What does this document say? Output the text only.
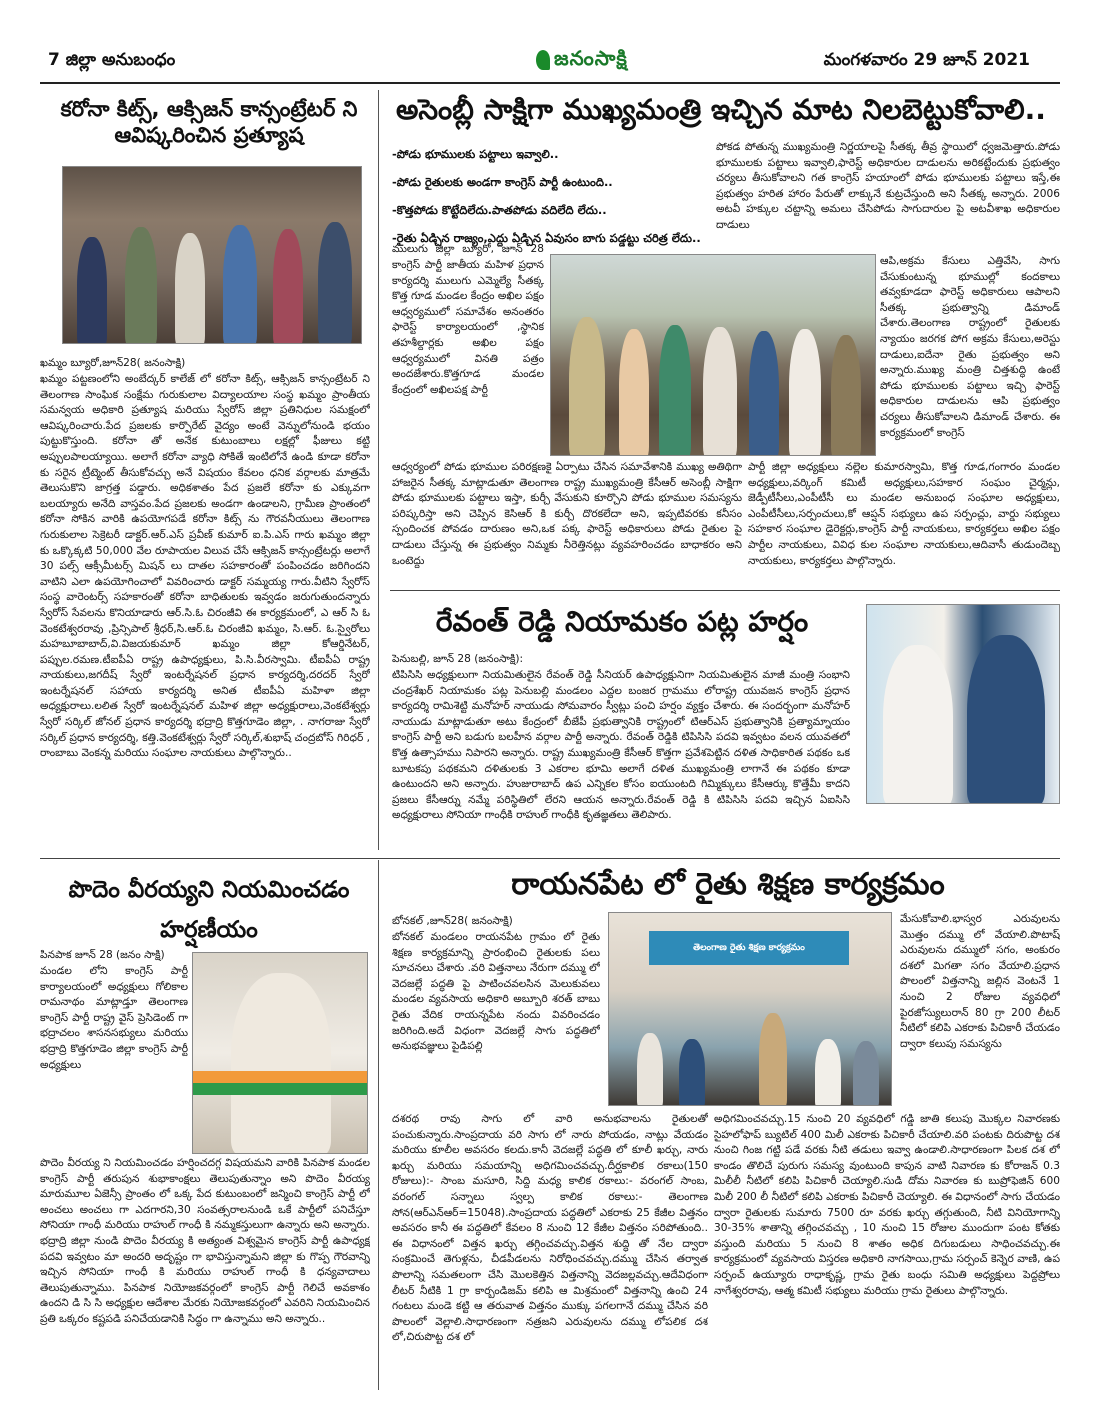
7 జిల్లా అనుబంధం	జనంసాక్షి	మంగళవారం 29 జూన్ 2021
కరోనా కిట్స్, ఆక్సిజన్ కాన్సంట్రేటర్ ని ఆవిష్కరించిన ప్రత్యూష
ఖమ్మం బ్యూరో,జూన్28( జనంసాక్షి)
ఖమ్మం పట్టణంలోని అంబేద్కర్ కాలేజ్ లో కరోనా కిట్స్, ఆక్సిజన్ కాన్సంట్రేటర్ ని తెలంగాణ సాంఘిక సంక్షేమ గురుకులాల విద్యాలయాల సంస్థ ఖమ్మం ప్రాంతీయ సమన్వయ అధికారి ప్రత్యూష మరియు స్వేరోస్ జిల్లా ప్రతినిధుల సమక్షంలో ఆవిష్కరించారు.పేద ప్రజలకు కార్పొరేట్ వైద్యం అంటే వెన్నులోనుండి భయం పుట్టుకొస్తుంది. కరోనా తో అనేక కుటుంబాలు లక్షల్లో ఫీజులు కట్టి అప్పులపాలయ్యాయి. అలాగే కరోనా వ్యాధి సోకితే ఇంటిలోనే ఉండి కూడా కరోనా కు సరైన ట్రీట్మెంట్ తీసుకోవచ్చు అనే విషయం కేవలం ధనిక వర్గాలకు మాత్రమే తెలుసుకొని జాగ్రత్త పడ్డారు. అధికశాతం పేద ప్రజలే కరోనా కు ఎక్కువగా బలయ్యారు అనేది వాస్తవం.పేద ప్రజలకు అండగా ఉండాలని, గ్రామీణ ప్రాంతంలో కరోనా సోకిన వారికి ఉపయోగపడే కరోనా కిట్స్ ను గౌరవనీయులు తెలంగాణ గురుకులాల సెక్రెటరీ డాక్టర్.ఆర్.ఎస్ ప్రవీణ్ కుమార్ ఐ.పి.ఎస్ గారు ఖమ్మం జిల్లా కు ఒక్కొక్కటి 50,000 వేల రూపాయల విలువ చేసే ఆక్సిజన్ కాన్సంట్రేటర్లు అలాగే 30 పల్స్ ఆక్సీమీటర్స్ మిషన్ లు దాతల సహకారంతో పంపించడం జరిగిందని వాటిని ఎలా ఉపయోగించాలో వివరించారు డాక్టర్ సమ్మయ్య గారు.వీటిని స్వేరోస్ సంస్థ వారెంటర్స్ సహకారంతో కరోనా బాధితులకు ఇవ్వడం జరుగుతుందన్నారు స్వేరోస్ సేవలను కొనియాడారు ఆర్.సి.ఓ చిరంజీవి ఈ కార్యక్రమంలో, ఎ ఆర్ సి ఓ వెంకటేశ్వరరావు ,ప్రిన్సిపాల్ శ్రీధర్,సి.ఆర్.ఓ చిరంజీవి ఖమ్మం, సి.ఆర్. ఓ.స్వైరోలు మహబూబాబాద్,వి.విజయకుమార్ ఖమ్మం జిల్లా కోఆర్డినేటర్, పప్పుల.రమణ.టీఐపీఏ రాష్ట్ర ఉపాధ్యక్షులు, పి.సి.వీరస్వామి. టీఐపీఏ రాష్ట్ర నాయకులు,జగదీష్ స్వేరో ఇంటర్నేషనల్ ప్రధాన కార్యదర్శి,దరదర్ స్వేరో ఇంటర్నేషనల్ సహాయ కార్యదర్శి అనిత టీఐపీఏ మహిళా జిల్లా అధ్యక్షురాలు.లలిత స్వేరో ఇంటర్నేషనల్ మహిళ జిల్లా అధ్యక్షురాలు,వెంకటేశ్వర్లు స్వేరో సర్కిల్ జోనల్ ప్రధాన కార్యదర్శి భద్రాద్రి కొత్తగూడెం జిల్లా, . నాగరాజు స్వేరో సర్కిల్ ప్రధాన కార్యదర్శి, కత్తి.వెంకటేశ్వర్లు స్వేరో సర్కిల్,శుభాష్ చంద్రబోస్ గిరిధర్ , రాంబాబు వెంకన్న మరియు సంఘాల నాయకులు పాల్గొన్నారు..
అసెంబ్లీ సాక్షిగా ముఖ్యమంత్రి ఇచ్చిన మాట నిలబెట్టుకోవాలి..
-పోడు భూములకు పట్టాలు ఇవ్వాలి..
-పోడు రైతులకు అండగా కాంగ్రెస్ పార్టీ ఉంటుంది..
-కొత్తపోడు కొట్టేదిలేదు.పాతపోడు వదిలేది లేదు..
-రైతు ఏడ్చిన రాజ్యం,ఎద్దు ఏడ్చిన ఏవుసం బాగు పడ్డట్టు చరిత్ర లేదు..
ములుగు జిల్లా బ్యూరో, జూన్ 28
కాంగ్రెస్ పార్టీ జాతీయ మహిళ ప్రధాన కార్యదర్శి ములుగు ఎమ్మెల్యే సీతక్క కొత్త గూడ మండల కేంద్రం అఖిల పక్షం ఆధ్వర్యములో సమావేశం అనంతరం ఫారెస్ట్ కార్యాలయంలో ,స్థానిక తహశీల్దార్లకు అఖిల పక్షం ఆధ్వర్యములో వినతి పత్రం అందజేశారు.కొత్తగూడ మండల కేంద్రంలో అఖిలపక్ష పార్టీ
ఆధ్వర్యంలో పోడు భూముల పరిరక్షణకై ఏర్పాటు చేసిన సమావేశానికి ముఖ్య అతిథిగా హాజరైన సీతక్క మాట్లాడుతూ తెలంగాణ రాష్ట్ర ముఖ్యమంత్రి కేసీఆర్ అసెంబ్లీ సాక్షిగా పోడు భూములకు పట్టాలు ఇస్తా, కుర్చీ వేసుకుని కూర్చొని పోడు భూముల సమస్యను పరిష్కరిస్తా అని చెప్పిన కెసిఆర్ కి కుర్చీ దొరకలేదా అని, ఇప్పటివరకు కనీసం స్పందించక పోవడం దారుణం అని,ఒక పక్క ఫారెస్ట్ అధికారులు పోడు రైతుల పై దాడులు చేస్తున్న ఈ ప్రభుత్వం నిమ్మకు నీరెత్తినట్లు వ్యవహరించడం బాధాకరం అని ఒంటెద్దు
పోకడ పోతున్న ముఖ్యమంత్రి నిర్ణయాలపై సీతక్క తీవ్ర స్థాయిలో ధ్వజమెత్తారు.పోడు భూములకు పట్టాలు ఇవ్వాలి,ఫారెస్ట్ అధికారుల దాడులను అరికట్టేందుకు ప్రభుత్వం చర్యలు తీసుకోవాలని గత కాంగ్రెస్ హయాంలో పోడు భూములకు పట్టాలు ఇస్తే,ఈ ప్రభుత్వం హరిత హారం పేరుతో లాక్కునే కుట్రచేస్తుంది అని సీతక్క అన్నారు. 2006 అటవీ హక్కుల చట్టాన్ని అమలు చేసిపోడు సాగుదారుల పై అటవీశాఖ అధికారుల దాడులు
ఆపి,అక్రమ కేసులు ఎత్తివేసి, సాగు చేసుకుంటున్న భూముల్లో కందకాలు తవ్వకూడదా ఫారెస్ట్ అధికారులు ఆపాలని సీతక్క ప్రభుత్వాన్ని డిమాండ్ చేశారు.తెలంగాణ రాష్ట్రంలో రైతులకు న్యాయం జరగక పోగ అక్రమ కేసులు,అరెస్టు దాడులు,ఐదేనా రైతు ప్రభుత్వం అని అన్నారు.ముఖ్య మంత్రి చిత్తశుద్ధి ఉంటే పోడు భూములకు పట్టాలు ఇచ్చి ఫారెస్ట్ అధికారుల దాడులను ఆపి ప్రభుత్వం చర్యలు తీసుకోవాలని డిమాండ్ చేశారు. ఈ కార్యక్రమంలో కాంగ్రెస్
పార్టీ జిల్లా అధ్యక్షులు నల్లెల కుమారస్వామి, కొత్త గూడ,గంగారం మండల అధ్యక్షులు,వర్కింగ్ కమిటీ అధ్యక్షులు,సహకార సంఘం చైర్మన్లు, జెడ్పీటీసీలు,ఎంపీటీసీ లు మండల అనుబంధ సంఘాల అధ్యక్షులు, ఎంపీటీసీలు,సర్పంచులు,కో ఆప్షన్ సభ్యులు ఉప సర్పంచ్లు, వార్డు సభ్యులు సహకార సంఘాల డైరెక్టర్లు,కాంగ్రెస్ పార్టీ నాయకులు, కార్యకర్తలు అఖిల పక్షం పార్టీల నాయకులు, వివిధ కుల సంఘాల నాయకులు,ఆదివాసీ తుడుందెబ్బ నాయకులు, కార్యకర్తలు పాల్గొన్నారు.
రేవంత్ రెడ్డి నియామకం పట్ల హర్షం
పెనుబల్లి, జూన్ 28 (జనంసాక్షి):
టిపిసిసి అధ్యక్షులుగా నియమితులైన రేవంత్ రెడ్డి సీనియర్ ఉపాధ్యక్షునిగా నియమితులైన మాజీ మంత్రి సంభాని చంద్రశేఖర్ నియామకం పట్ల పెనుబల్లి మండలం ఎద్దల బంజర గ్రామము లోరాష్ట్ర యువజన కాంగ్రెస్ ప్రధాన కార్యదర్శి రామిశెట్టి మనోహర్ నాయుడు సోమవారం స్వీట్లు పంచి హర్షం వ్యక్తం చేశారు. ఈ సందర్భంగా మనోహర్ నాయుడు మాట్లాడుతూ అటు కేంద్రంలో బీజేపీ ప్రభుత్వానికి రాష్ట్రంలో టిఆర్ఎస్ ప్రభుత్వానికి ప్రత్యామ్నాయం కాంగ్రెస్ పార్టీ అని బడుగు బలహీన వర్గాల పార్టీ అన్నారు. రేవంత్ రెడ్డికి టిపిసిసి పదవి ఇవ్వటం వలన యువతలో కొత్త ఉత్సాహము నిపారని అన్నారు. రాష్ట్ర ముఖ్యమంత్రి కేసీఆర్ కొత్తగా ప్రవేశపెట్టిన దళిత సాధికారిత పథకం ఒక బూటకపు పథకమని దళితులకు 3 ఎకరాల భూమి అలాగే దళిత ముఖ్యమంత్రి లాగానే ఈ పథకం కూడా ఉంటుందని అని అన్నారు. హుజురాబాద్ ఉప ఎన్నికల కోసం ఐయుంటది గిమ్మిక్కులు కేసీఆర్కు కొత్తేమీ కాదని ప్రజలు కేసీఆర్ను నమ్మే పరిస్థితిలో లేరని ఆయన అన్నారు.రేవంత్ రెడ్డి కి టిపిసిసి పదవి ఇచ్చిన ఏఐసిసి అధ్యక్షురాలు సోనియా గాంధీకి రాహుల్ గాంధీకి కృతజ్ఞతలు తెలిపారు.
పొదెం వీరయ్యని నియమించడం హర్షణీయం
పినపాక జూన్ 28 (జనం సాక్షి)
మండల లోని కాంగ్రెస్ పార్టీ కార్యాలయంలో అధ్యక్షులు గోలికాల రామనాథం మాట్లాడ్తూ తెలంగాణ కాంగ్రెస్ పార్టీ రాష్ట్ర వైస్ ప్రెసిడెంట్ గా భద్రాచలం శాసనసభ్యులు మరియు భద్రాద్రి కొత్తగూడెం జిల్లా కాంగ్రెస్ పార్టీ అధ్యక్షులు
పొదెం వీరయ్య ని నియమించడం హర్షించదగ్గ విషయమని వారికి పినపాక మండల కాంగ్రెస్ పార్టీ తరుపున శుభాకాంక్షలు తెలుపుతున్నాం అని పొదెం వీరయ్య మారుమూల ఏజెన్సీ ప్రాంతం లో ఒక్క పేద కుటుంబంలో జన్మించి కాంగ్రెస్ పార్టీ లో అంచలు అంచలు గా ఎదగారని,30 సంవత్సరాలనుండి ఒకే పార్టీలో పనిచేస్తూ సోనియా గాంధీ మరియు రాహుల్ గాంధీ కి నమ్మకస్తులుగా ఉన్నారు అని అన్నారు. భద్రాద్రి జిల్లా నుండి పొదెం వీరయ్య కి అత్యంత విశ్వమైన కాంగ్రెస్ పార్టీ ఉపాధ్యక్ష పదవి ఇవ్వటం మా అందరి అదృష్టం గా భావిస్తున్నామని జిల్లా కు గొప్ప గౌరవాన్ని ఇచ్చిన సోనియా గాంధీ కి మరియు రాహుల్ గాంధీ కి ధన్యవాదాలు తెలుపుతున్నాము. పినపాక నియోజకవర్గంలో కాంగ్రెస్ పార్టీ గెలిచే అవకాశం ఉందని డి సి సి అధ్యక్షుల ఆదేశాల మేరకు నియోజకవర్గంలో ఎవరిని నియమించిన ప్రతి ఒక్కరం కష్టపడి పనిచేయడానికి సిద్ధం గా ఉన్నాము అని అన్నారు..
రాయనపేట లో రైతు శిక్షణ కార్యక్రమం
బోనకల్ ,జూన్28( జనంసాక్షి)
బోనకల్ మండలం రాయనపేట గ్రామం లో రైతు శిక్షణ కార్యక్రమాన్ని ప్రారంభించి రైతులకు పలు సూచనలు చేశారు .వరి విత్తనాలు నేరుగా దమ్ము లో వెదజల్లే పద్ధతి పై పాటించవలసిన మెలుకువలు మండల వ్యవసాయ అధికారి అబ్బూరి శరత్ బాబు రైతు వేదిక రాయన్నపేట నందు వివరించడం జరిగింది.అదే విధంగా వెదజల్లే సాగు పద్ధతిలో అనుభవజ్ఞులు పైడిపల్లి
తెలంగాణ రైతు శిక్షణ కార్యక్రమం
మేసుకోవాలి.భాస్వర ఎరువులను మొత్తం దమ్ము లో వేయాలి.పొటాష్ ఎరువులను దమ్ములో సగం, అంకురం దశలో మిగతా సగం వేయాలి.ప్రధాన పొలంలో విత్తనాన్ని జల్లిన వెంటనే 1 నుంచి 2 రోజుల వ్యవధిలో పైరజోస్యులురాన్ 80 గ్రా 200 లీటర్ నీటిలో కలిపి ఎకరాకు పిచికారీ చేయడం ద్వారా కలుపు సమస్యను
దశరథ రావు సాగు లో వారి అనుభవాలను రైతులతో పంచుకున్నారు.సాంప్రదాయ వరి సాగు లో నారు పోయడం, నాట్లు వేయడం మరియు కూలీల అవసరం కలదు.కానీ వెదజల్లే పద్ధతి లో కూలీ ఖర్చు, నారు ఖర్చు మరియు సమయాన్ని అధిగమించవచ్చు.దీర్ఘకాలిక రకాలు(150 రోజులు):- సాంబ మసూరి, సిద్ది మధ్య కాలిక రకాలు:- వరంగల్ సాంబ, వరంగల్ సన్నాలు స్వల్ప కాలిక రకాలు:- తెలంగాణ సోన(ఆర్ఎన్ఆర్=15048).సాంప్రదాయ పద్ధతిలో ఎకరాకు 25 కేజీల విత్తనం అవసరం కానీ ఈ పద్ధతిలో కేవలం 8 నుంచి 12 కేజీల విత్తనం సరిపోతుంది.. ఈ విధానంలో విత్తన ఖర్చు తగ్గించవచ్చు.విత్తన శుద్ధి తో నేల ద్వారా సంక్రమించే తెగుళ్లను, చీడపీడలను నిరోధించవచ్చు.దమ్ము చేసిన తర్వాత పొలాన్ని సమతలంగా చేసి మొలకెత్తిన విత్తనాన్ని వెదజల్లవచ్చు.ఆదేవిధంగా లీటర్ నీటికి 1 గ్రా కార్బండిజమ్ కలిపి ఆ మిశ్రమంలో విత్తనాన్ని ఉంచి 24 గంటలు మండె కట్టి ఆ తరువాత విత్తనం ముక్కు పగలగానే దమ్ము చేసిన వరి పొలంలో వెల్లాలి.సాధారణంగా నత్రజని ఎరువులను దమ్ము లోపలిక దశ లో,చిరుపొట్ట దశ లో
అధిగమించవచ్చు.15 నుంచి 20 వ్యవధిలో గడ్డి జాతి కలుపు మొక్కల నివారణకు సైహలోఫాప్ బ్యుటిల్ 400 మిలీ ఎకరాకు పిచికారీ చేయాలి.వరి పంటకు దిరుపొట్ట దశ నుంచి గింజ గట్టి పడే వరకు నీటి తడులు ఇవ్వా ఉండాలి.సాధారణంగా పిలక దశ లో కాండం తొలిచే పురుగు సమస్య వుంటుంది కాపున వాటి నివారణ కు కోరాజన్ 0.3 మిలీలీ నీటిలో కలిపి పిచికారీ చెయ్యాలి.సుడి దోమ నివారణ కు బుప్రోఫెజిన్ 600 మిలీ 200 లీ నీటిలో కలిపి ఎకరాకు పిచికారీ చెయ్యాలి. ఈ విధానంలో సాగు చేయడం ద్వారా రైతులకు సుమారు 7500 రూ వరకు ఖర్చు తగ్గుతుంది, నీటి వినియోగాన్ని 30-35% శాతాన్ని తగ్గించవచ్చు , 10 నుంచి 15 రోజుల ముందుగా పంట కోతకు వస్తుంది మరియు 5 నుంచి 8 శాతం అధిక దిగుబడులు సాధించవచ్చు.ఈ కార్యక్రమంలో వ్యవసాయ విస్తరణ అధికారి నాగసాయి,గ్రామ సర్పంచ్ కెన్నెర వాణి, ఉప సర్పంచ్ ఉయ్యూరు రాధాకృష్ణ, గ్రామ రైతు బంధు సమితి అధ్యక్షులు పెద్దప్రోలు నాగేశ్వరరావు, ఆత్మ కమిటీ సభ్యులు మరియు గ్రామ రైతులు పాల్గొన్నారు.
